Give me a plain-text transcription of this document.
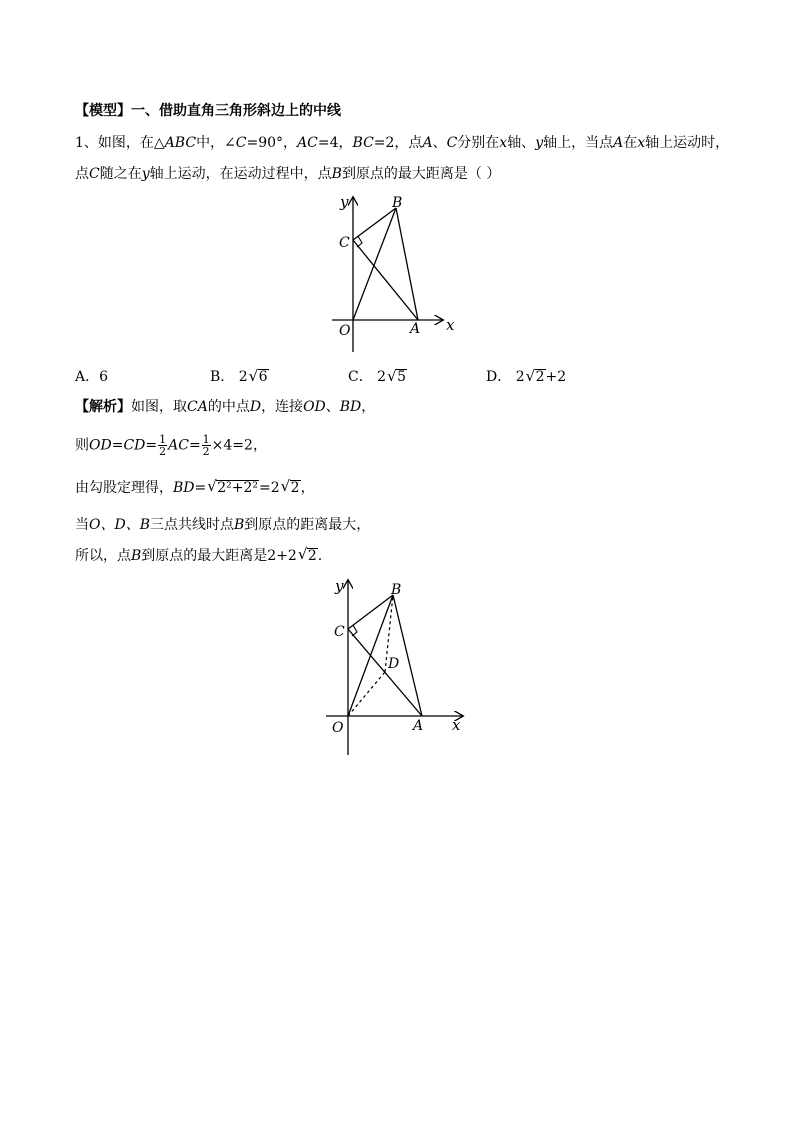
【模型】一、借助直角三角形斜边上的中线
1、如图，在△ABC中，∠C=90°，AC=4，BC=2，点A、C分别在x轴、y轴上，当点A在x轴上运动时，
点C随之在y轴上运动，在运动过程中，点B到原点的最大距离是（ ）
y	B
C
O	A x
A．6	B． 2 √ 6	C． 2 √ 5	D． 2 √ 2+2
【解析】如图，取CA的中点D，连接OD、BD，
则$OD=CD= \frac{1}{2} AC= \frac{1}{2} \times 4=2$，
由勾股定理得，BD= √ 2²+2²=2 √ 2，
当O、D、B三点共线时点B到原点的距离最大，
所以，点B到原点的最大距离是2+2 √ 2.
y	B
C
D
O	A x
